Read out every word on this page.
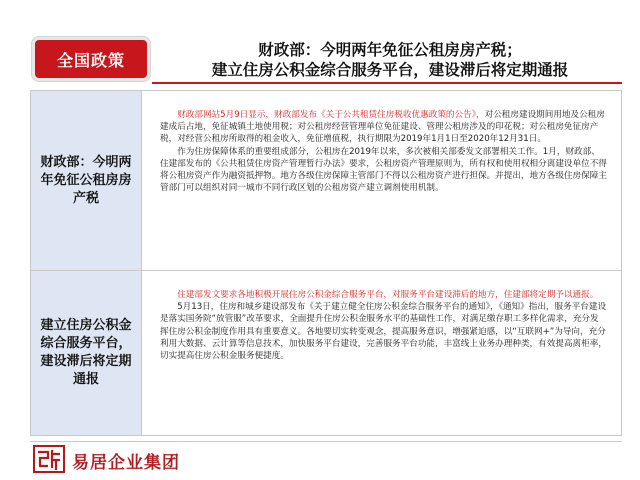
全国政策
财政部：今明两年免征公租房房产税；
建立住房公积金综合服务平台，建设滞后将定期通报
财政部：今明两年免征公租房房产税

财政部网站5月9日显示，财政部发布《关于公共租赁住房税收优惠政策的公告》，对公租房建设期间用地及公租房建成后占地，免征城镇土地使用税；对公租房经营管理单位免征建设、管理公租房涉及的印花税；对公租房免征房产税，对经营公租房所取得的租金收入，免征增值税，执行期限为2019年1月1日至2020年12月31日。

作为住房保障体系的重要组成部分，公租房在2019年以来，多次被相关部委发文部署相关工作。1月，财政部、住建部发布的《公共租赁住房资产管理暂行办法》要求，公租房资产管理原则为，所有权和使用权相分离建设单位不得将公租房资产作为融资抵押物。地方各级住房保障主管部门不得以公租房资产进行担保。并提出，地方各级住房保障主管部门可以组织对同一城市不同行政区划的公租房资产建立调剂使用机制。

建立住房公积金综合服务平台，建设滞后将定期通报

住建部发文要求各地积极开展住房公积金综合服务平台，对服务平台建设滞后的地方，住建部将定期予以通报。

5月13日，住房和城乡建设部发布《关于建立健全住房公积金综合服务平台的通知》，《通知》指出，服务平台建设是落实国务院“放管服”改革要求，全面提升住房公积金服务水平的基础性工作，对满足缴存职工多样化需求，充分发挥住房公积金制度作用具有重要意义。各地要切实转变观念，提高服务意识，增强紧迫感，以“互联网+”为导向，充分利用大数据、云计算等信息技术，加快服务平台建设，完善服务平台功能，丰富线上业务办理种类，有效提高离柜率，切实提高住房公积金服务便捷度。

易居企业集团
